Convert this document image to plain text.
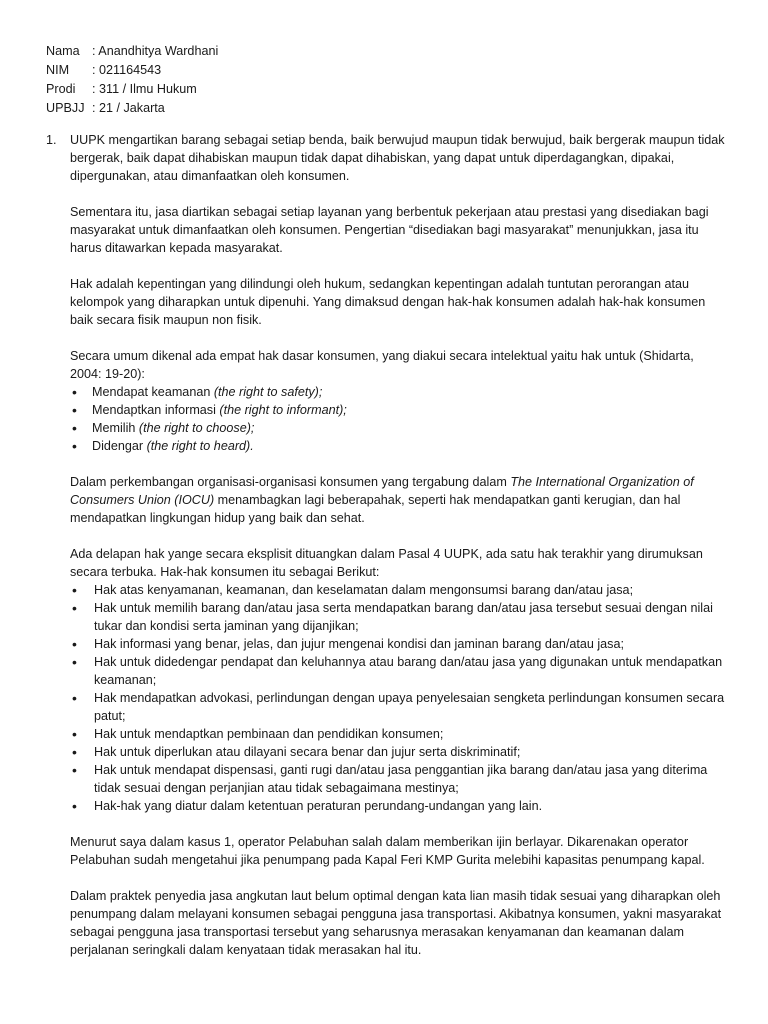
Nama : Anandhitya Wardhani
NIM	: 021164543
Prodi	: 311 / Ilmu Hukum
UPBJJ : 21 / Jakarta
1. UUPK mengartikan barang sebagai setiap benda, baik berwujud maupun tidak berwujud, baik bergerak maupun tidak bergerak, baik dapat dihabiskan maupun tidak dapat dihabiskan, yang dapat untuk diperdagangkan, dipakai, dipergunakan, atau dimanfaatkan oleh konsumen.

Sementara itu, jasa diartikan sebagai setiap layanan yang berbentuk pekerjaan atau prestasi yang disediakan bagi masyarakat untuk dimanfaatkan oleh konsumen. Pengertian “disediakan bagi masyarakat” menunjukkan, jasa itu harus ditawarkan kepada masyarakat.

Hak adalah kepentingan yang dilindungi oleh hukum, sedangkan kepentingan adalah tuntutan perorangan atau kelompok yang diharapkan untuk dipenuhi. Yang dimaksud dengan hak-hak konsumen adalah hak-hak konsumen baik secara fisik maupun non fisik.

Secara umum dikenal ada empat hak dasar konsumen, yang diakui secara intelektual yaitu hak untuk (Shidarta, 2004: 19-20):

• Mendapat keamanan (the right to safety);
• Mendaptkan informasi (the right to informant);
• Memilih (the right to choose);
• Didengar (the right to heard).

Dalam perkembangan organisasi-organisasi konsumen yang tergabung dalam The International Organization of Consumers Union (IOCU) menambagkan lagi beberapahak, seperti hak mendapatkan ganti kerugian, dan hal mendapatkan lingkungan hidup yang baik dan sehat.

Ada delapan hak yange secara eksplisit dituangkan dalam Pasal 4 UUPK, ada satu hak terakhir yang dirumuksan secara terbuka. Hak-hak konsumen itu sebagai Berikut:

• Hak atas kenyamanan, keamanan, dan keselamatan dalam mengonsumsi barang dan/atau jasa;
• Hak untuk memilih barang dan/atau jasa serta mendapatkan barang dan/atau jasa tersebut sesuai dengan nilai tukar dan kondisi serta jaminan yang dijanjikan;
• Hak informasi yang benar, jelas, dan jujur mengenai kondisi dan jaminan barang dan/atau jasa;
• Hak untuk didedengar pendapat dan keluhannya atau barang dan/atau jasa yang digunakan untuk mendapatkan keamanan;
• Hak mendapatkan advokasi, perlindungan dengan upaya penyelesaian sengketa perlindungan konsumen secara patut;
• Hak untuk mendaptkan pembinaan dan pendidikan konsumen;
• Hak untuk diperlukan atau dilayani secara benar dan jujur serta diskriminatif;
• Hak untuk mendapat dispensasi, ganti rugi dan/atau jasa penggantian jika barang dan/atau jasa yang diterima tidak sesuai dengan perjanjian atau tidak sebagaimana mestinya;
• Hak-hak yang diatur dalam ketentuan peraturan perundang-undangan yang lain.

Menurut saya dalam kasus 1, operator Pelabuhan salah dalam memberikan ijin berlayar. Dikarenakan operator Pelabuhan sudah mengetahui jika penumpang pada Kapal Feri KMP Gurita melebihi kapasitas penumpang kapal.

Dalam praktek penyedia jasa angkutan laut belum optimal dengan kata lian masih tidak sesuai yang diharapkan oleh penumpang dalam melayani konsumen sebagai pengguna jasa transportasi. Akibatnya konsumen, yakni masyarakat sebagai pengguna jasa transportasi tersebut yang seharusnya merasakan kenyamanan dan keamanan dalam perjalanan seringkali dalam kenyataan tidak merasakan hal itu.
